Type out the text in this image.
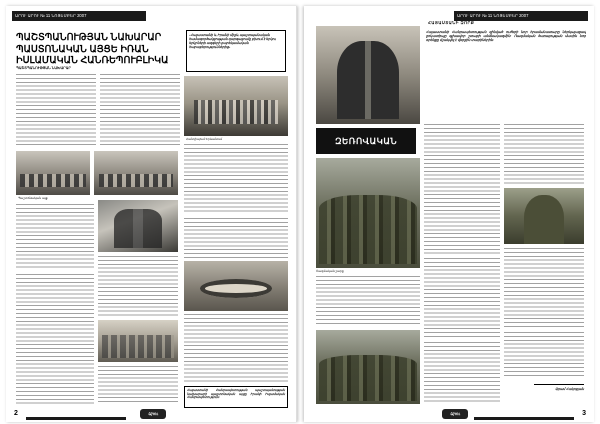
ԱՐՈՒ ԱՐՈՒ № 11 ՆՈՅԵՄԲԵՐ 2007
ՊԱՇՏՊԱՆՈՒԹՅԱՆ ՆԱԽԱՐԱՐ ՊԱՍՏՈՆԱԿԱՆ ԱՅՑԵ ԻՌԱՆ ԻՍԼԱՄԱԿԱՆ ՀԱՆՌԵՊՈՒԲԼԻԿԱ
ՊԱՇՏՊԱՆՈՒԹՅԱՆ ՆԱԽԱՐԱՐ
«Հայաստանի և Իրանի միջև պաշտպանական համագործակցության զարգացումը բխում է երկու երկրների ազգերի բարեկամական հարաբերություններից»
Հանդիպում Երևանում
Պաշտոնական այց
Հայաստանի Հանրապետության պաշտպանության նախարարի պաշտոնական այցը Իրանի Իսլամական Հանրապետություն:
Արու
2
ԱՐՈՒ ԱՐՈՒ № 11 ՆՈՅԵՄԲԵՐ 2007
ՀԱՅԱՍՏԱՆԻ ԶՈՐՔ
Հայաստանի Հանրապետության զինված ուժերի նոր հրամանատարը ներկայացավ ջոկատիպը գլխավոր շտաբի անձնակազմին: Ռազմական ծառայության մասին նոր օրենքը մշակվել է վերջին տարիներին:
ԶԵՌՈՎԱԿԱՆ
Ռազմական շարք
Արամ Հակոբյան
Արու	3
